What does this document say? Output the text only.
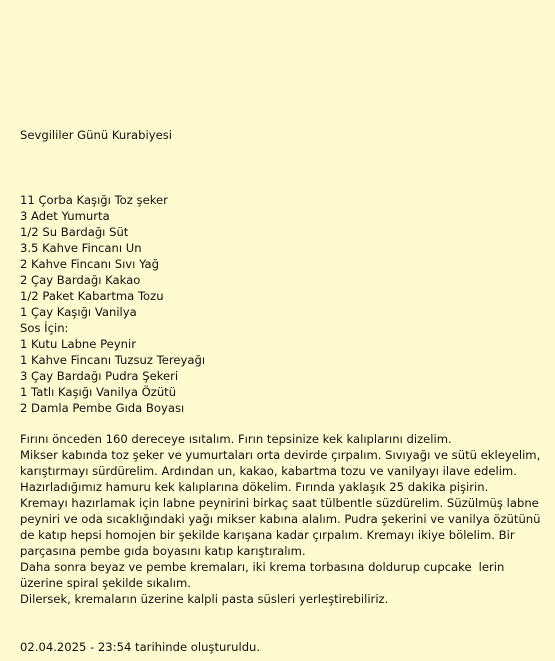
Sevgililer Günü Kurabiyesi
11 Çorba Kaşığı Toz şeker
3 Adet Yumurta
1/2 Su Bardağı Süt
3.5 Kahve Fincanı Un
2 Kahve Fincanı Sıvı Yağ
2 Çay Bardağı Kakao
1/2 Paket Kabartma Tozu
1 Çay Kaşığı Vanilya
Sos İçin:
1 Kutu Labne Peynir
1 Kahve Fincanı Tuzsuz Tereyağı
3 Çay Bardağı Pudra Şekeri
1 Tatlı Kaşığı Vanilya Özütü
2 Damla Pembe Gıda Boyası

Fırını önceden 160 dereceye ısıtalım. Fırın tepsinize kek kalıplarını dizelim.

Mikser kabında toz şeker ve yumurtaları orta devirde çırpalım. Sıvıyağı ve sütü ekleyelim, karıştırmayı sürdürelim. Ardından un, kakao, kabartma tozu ve vanilyayı ilave edelim. Hazırladığımız hamuru kek kalıplarına dökelim. Fırında yaklaşık 25 dakika pişirin.

Kremayı hazırlamak için labne peynirini birkaç saat tülbentle süzdürelim. Süzülmüş labne peyniri ve oda sıcaklığındaki yağı mikser kabına alalım. Pudra şekerini ve vanilya özütünü de katıp hepsi homojen bir şekilde karışana kadar çırpalım. Kremayı ikiye bölelim. Bir parçasına pembe gıda boyasını katıp karıştıralım.

Daha sonra beyaz ve pembe kremaları, iki krema torbasına doldurup cupcakelerin üzerine spiral şekilde sıkalım.

Dilersek, kremaların üzerine kalpli pasta süsleri yerleştirebiliriz.

02.04.2025 - 23:54 tarihinde oluşturuldu.
